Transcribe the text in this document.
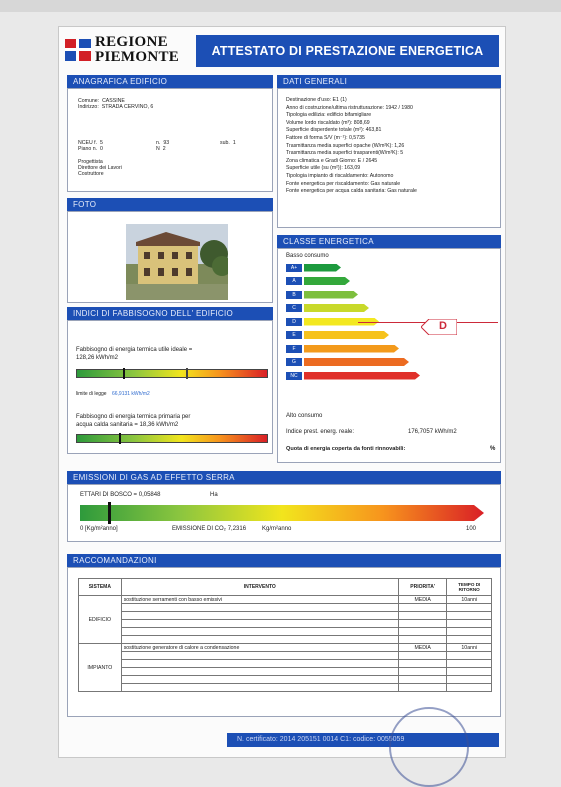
REGIONE
PIEMONTE	ATTESTATO DI PRESTAZIONE ENERGETICA
ANAGRAFICA EDIFICIO
Comune: CASSINE
Indirizzo: STRADA CERVINO, 6
NCEU f. 5	n. 93	sub. 1
Piano n. 0	N 2
Progettista
Direttore dei Lavori
Costruttore
DATI GENERALI
Destinazione d'uso: E1 (1)
Anno di costruzione/ultima ristrutturazione: 1942 / 1980
Tipologia edilizia: edificio bifamigliare
Volume lordo riscaldato (m³): 808,69
Superficie disperdente totale (m²): 463,81
Fattore di forma S/V (m⁻¹): 0,5735
Trasmittanza media superfici opache (W/m²K): 1,26
Trasmittanza media superfici trasparenti(W/m²K): 5
Zona climatica e Gradi Giorno: E / 2645
Superficie utile (su (m²)): 163,09
Tipologia impianto di riscaldamento: Autonomo
Fonte energetica per riscaldamento: Gas naturale
Fonte energetica per acqua calda sanitaria: Gas naturale
FOTO
INDICI DI FABBISOGNO DELL' EDIFICIO
Fabbisogno di energia termica utile ideale =
128,26 kWh/m2
limite di legge 66,9131 kWh/m2
Fabbisogno di energia termica primaria per
acqua calda sanitaria = 18,36 kWh/m2
CLASSE ENERGETICA
Basso consumo
A+
A
B
C
D
E
F
G
NC
D
Alto consumo
Indice prest. energ. reale:	176,7057 kWh/m2
Quota di energia coperta da fonti rinnovabili:	%
EMISSIONI DI GAS AD EFFETTO SERRA
ETTARI DI BOSCO = 0,05848	Ha
0 [Kg/m²anno]	EMISSIONE DI CO₂ 7,2316	Kg/m²anno	100
RACCOMANDAZIONI
SISTEMA	INTERVENTO	PRIORITA'	TEMPO DI RITORNO
EDIFICIO	sostituzione serramenti con basso emissivi	MEDIA	10anni

IMPIANTO	sostituzione generatore di calore a condensazione	MEDIA	10anni

N. certificato: 2014 205151 0014 C1: codice: 0055059
